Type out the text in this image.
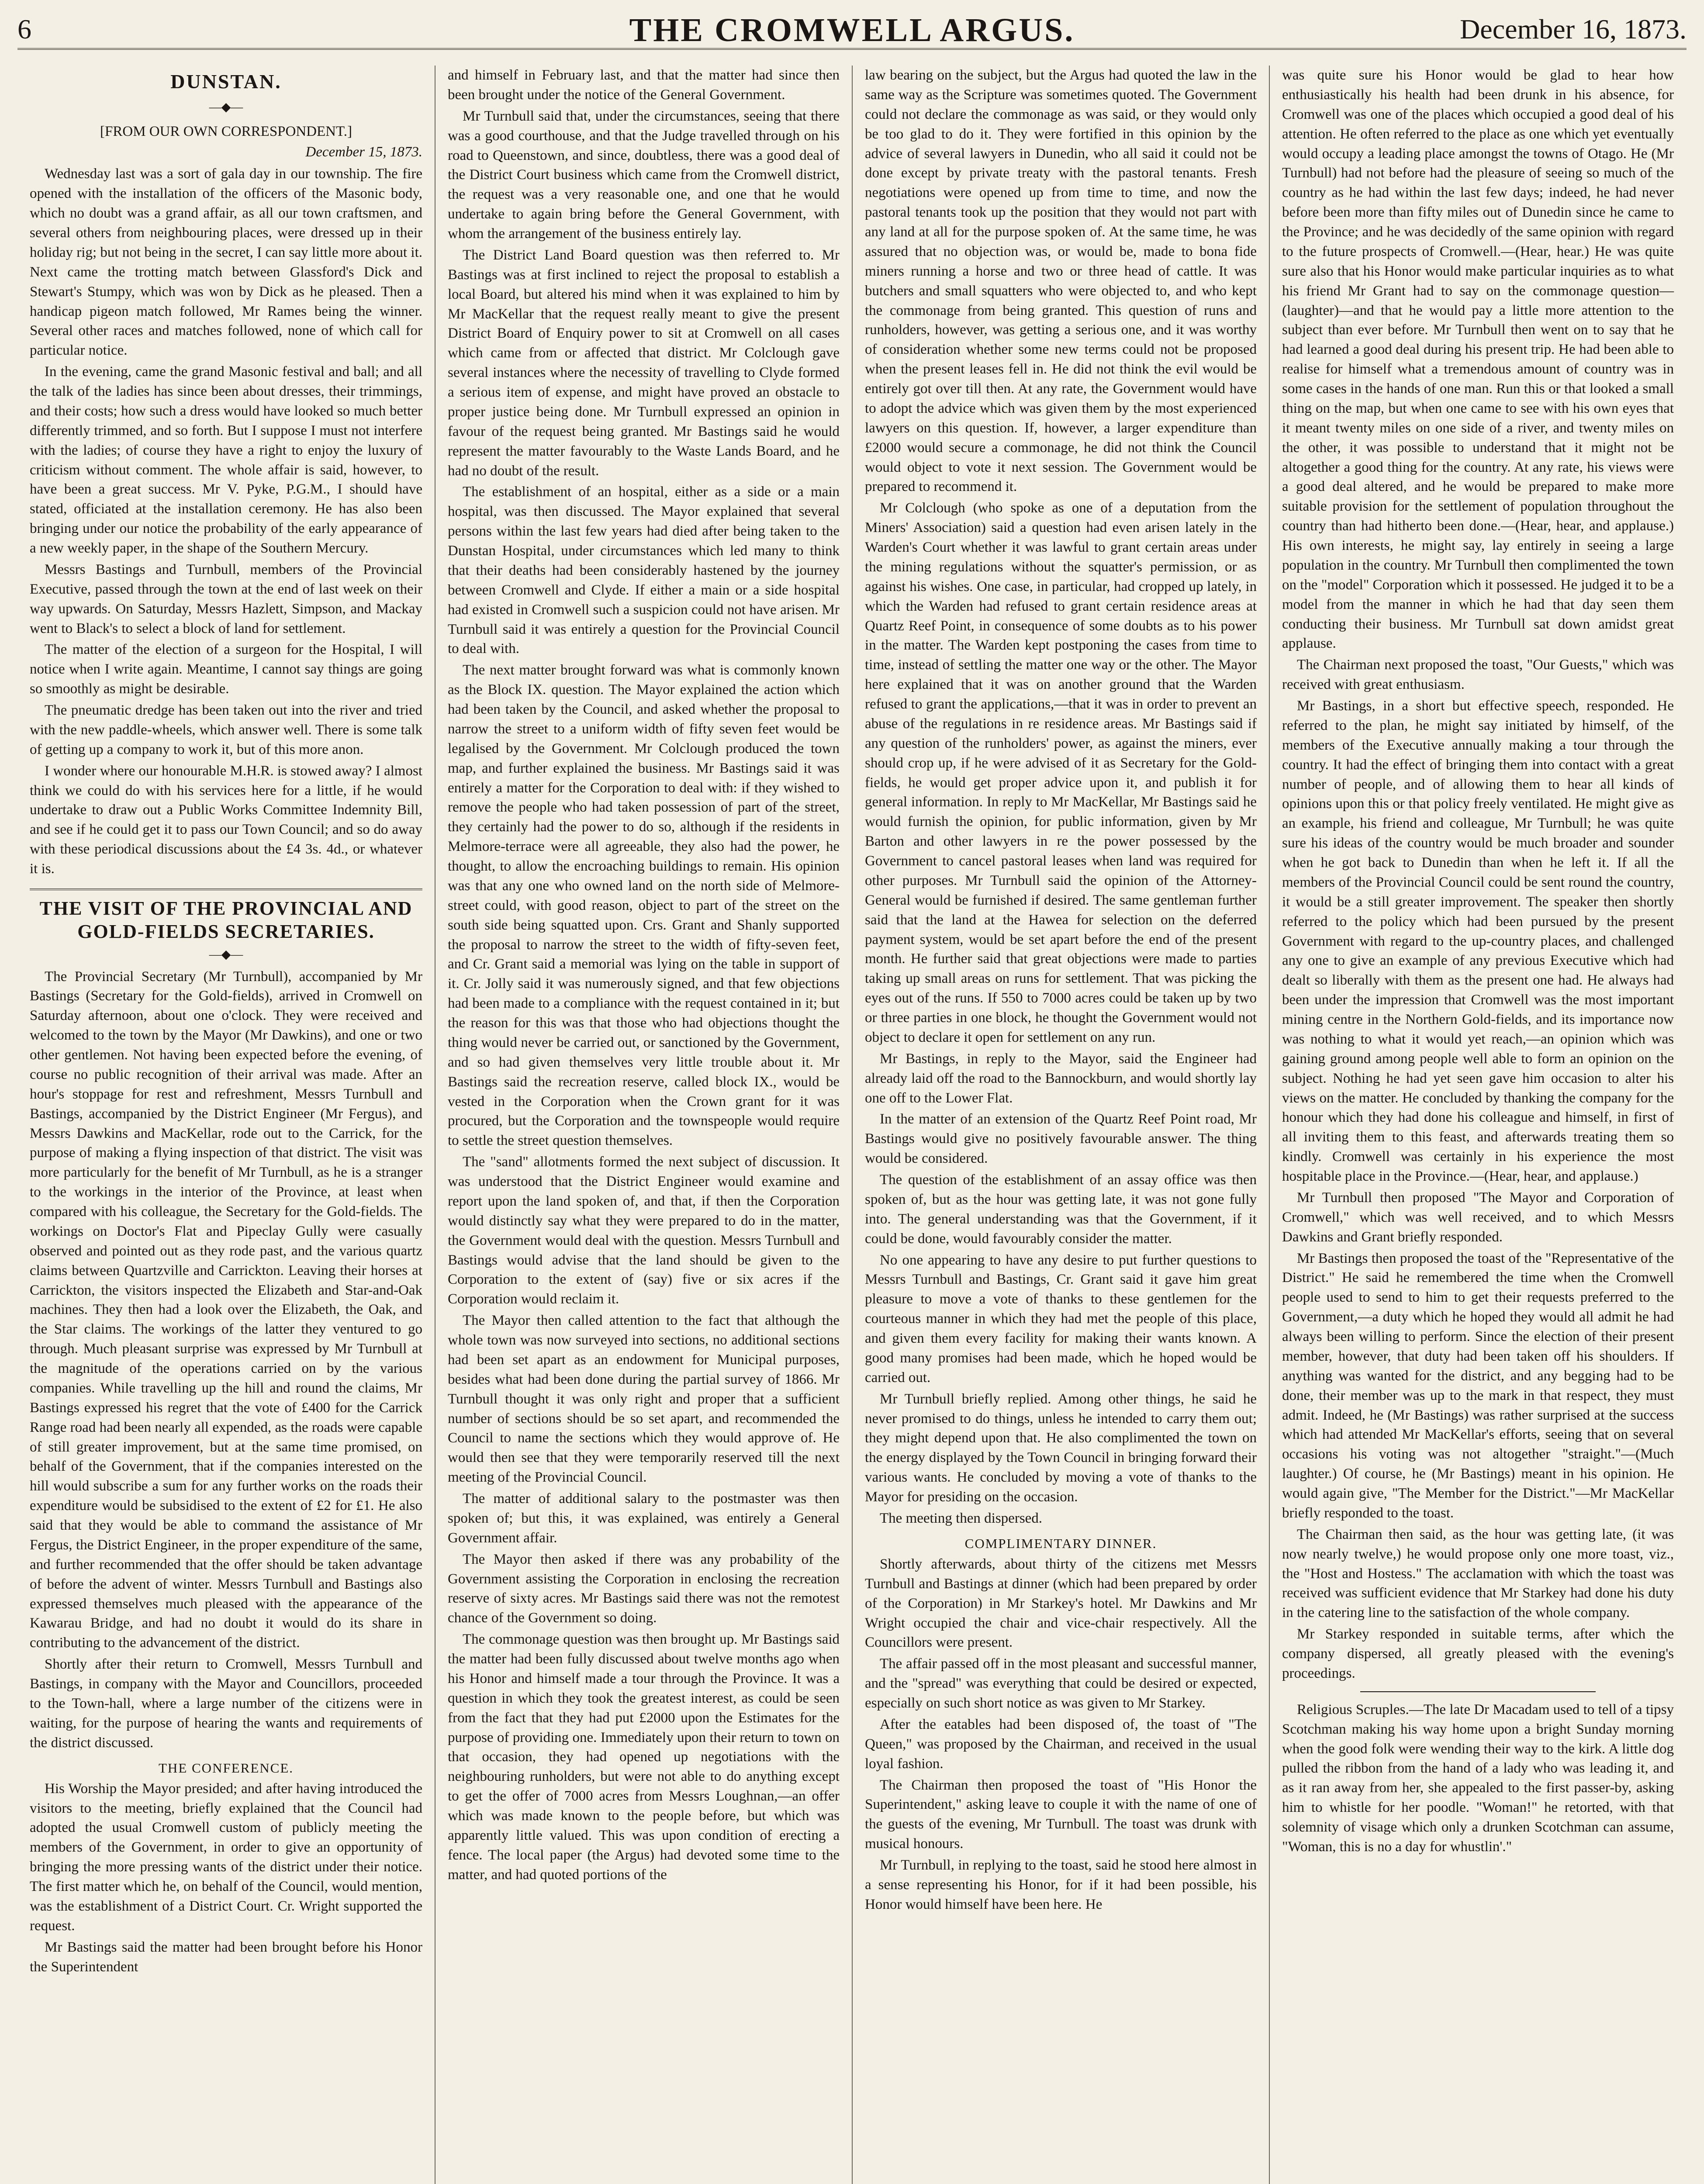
6	THE CROMWELL ARGUS.	December 16, 1873.
DUNSTAN.
—◆—
[FROM OUR OWN CORRESPONDENT.]
December 15, 1873.

Wednesday last was a sort of gala day in our township. The fire opened with the installation of the officers of the Masonic body, which no doubt was a grand affair, as all our town craftsmen, and several others from neighbouring places, were dressed up in their holiday rig; but not being in the secret, I can say little more about it. Next came the trotting match between Glassford's Dick and Stewart's Stumpy, which was won by Dick as he pleased. Then a handicap pigeon match followed, Mr Rames being the winner. Several other races and matches followed, none of which call for particular notice.

In the evening, came the grand Masonic festival and ball; and all the talk of the ladies has since been about dresses, their trimmings, and their costs; how such a dress would have looked so much better differently trimmed, and so forth. But I suppose I must not interfere with the ladies; of course they have a right to enjoy the luxury of criticism without comment. The whole affair is said, however, to have been a great success. Mr V. Pyke, P.G.M., I should have stated, officiated at the installation ceremony. He has also been bringing under our notice the probability of the early appearance of a new weekly paper, in the shape of the Southern Mercury.

Messrs Bastings and Turnbull, members of the Provincial Executive, passed through the town at the end of last week on their way upwards. On Saturday, Messrs Hazlett, Simpson, and Mackay went to Black's to select a block of land for settlement.

The matter of the election of a surgeon for the Hospital, I will notice when I write again. Meantime, I cannot say things are going so smoothly as might be desirable.

The pneumatic dredge has been taken out into the river and tried with the new paddle-wheels, which answer well. There is some talk of getting up a company to work it, but of this more anon.

I wonder where our honourable M.H.R. is stowed away? I almost think we could do with his services here for a little, if he would undertake to draw out a Public Works Committee Indemnity Bill, and see if he could get it to pass our Town Council; and so do away with these periodical discussions about the £4 3s. 4d., or whatever it is.

THE VISIT OF THE PROVINCIAL AND GOLD-FIELDS SECRETARIES.
—◆—

The Provincial Secretary (Mr Turnbull), accompanied by Mr Bastings (Secretary for the Gold-fields), arrived in Cromwell on Saturday afternoon, about one o'clock. They were received and welcomed to the town by the Mayor (Mr Dawkins), and one or two other gentlemen. Not having been expected before the evening, of course no public recognition of their arrival was made. After an hour's stoppage for rest and refreshment, Messrs Turnbull and Bastings, accompanied by the District Engineer (Mr Fergus), and Messrs Dawkins and MacKellar, rode out to the Carrick, for the purpose of making a flying inspection of that district. The visit was more particularly for the benefit of Mr Turnbull, as he is a stranger to the workings in the interior of the Province, at least when compared with his colleague, the Secretary for the Gold-fields. The workings on Doctor's Flat and Pipeclay Gully were casually observed and pointed out as they rode past, and the various quartz claims between Quartzville and Carrickton. Leaving their horses at Carrickton, the visitors inspected the Elizabeth and Star-and-Oak machines. They then had a look over the Elizabeth, the Oak, and the Star claims. The workings of the latter they ventured to go through. Much pleasant surprise was expressed by Mr Turnbull at the magnitude of the operations carried on by the various companies. While travelling up the hill and round the claims, Mr Bastings expressed his regret that the vote of £400 for the Carrick Range road had been nearly all expended, as the roads were capable of still greater improvement, but at the same time promised, on behalf of the Government, that if the companies interested on the hill would subscribe a sum for any further works on the roads their expenditure would be subsidised to the extent of £2 for £1. He also said that they would be able to command the assistance of Mr Fergus, the District Engineer, in the proper expenditure of the same, and further recommended that the offer should be taken advantage of before the advent of winter. Messrs Turnbull and Bastings also expressed themselves much pleased with the appearance of the Kawarau Bridge, and had no doubt it would do its share in contributing to the advancement of the district.

Shortly after their return to Cromwell, Messrs Turnbull and Bastings, in company with the Mayor and Councillors, proceeded to the Town-hall, where a large number of the citizens were in waiting, for the purpose of hearing the wants and requirements of the district discussed.

THE CONFERENCE.

His Worship the Mayor presided; and after having introduced the visitors to the meeting, briefly explained that the Council had adopted the usual Cromwell custom of publicly meeting the members of the Government, in order to give an opportunity of bringing the more pressing wants of the district under their notice. The first matter which he, on behalf of the Council, would mention, was the establishment of a District Court. Cr. Wright supported the request.

Mr Bastings said the matter had been brought before his Honor the Superintendent

and himself in February last, and that the matter had since then been brought under the notice of the General Government.

Mr Turnbull said that, under the circumstances, seeing that there was a good courthouse, and that the Judge travelled through on his road to Queenstown, and since, doubtless, there was a good deal of the District Court business which came from the Cromwell district, the request was a very reasonable one, and one that he would undertake to again bring before the General Government, with whom the arrangement of the business entirely lay.

The District Land Board question was then referred to. Mr Bastings was at first inclined to reject the proposal to establish a local Board, but altered his mind when it was explained to him by Mr MacKellar that the request really meant to give the present District Board of Enquiry power to sit at Cromwell on all cases which came from or affected that district. Mr Colclough gave several instances where the necessity of travelling to Clyde formed a serious item of expense, and might have proved an obstacle to proper justice being done. Mr Turnbull expressed an opinion in favour of the request being granted. Mr Bastings said he would represent the matter favourably to the Waste Lands Board, and he had no doubt of the result.

The establishment of an hospital, either as a side or a main hospital, was then discussed. The Mayor explained that several persons within the last few years had died after being taken to the Dunstan Hospital, under circumstances which led many to think that their deaths had been considerably hastened by the journey between Cromwell and Clyde. If either a main or a side hospital had existed in Cromwell such a suspicion could not have arisen. Mr Turnbull said it was entirely a question for the Provincial Council to deal with.

The next matter brought forward was what is commonly known as the Block IX. question. The Mayor explained the action which had been taken by the Council, and asked whether the proposal to narrow the street to a uniform width of fifty seven feet would be legalised by the Government. Mr Colclough produced the town map, and further explained the business. Mr Bastings said it was entirely a matter for the Corporation to deal with: if they wished to remove the people who had taken possession of part of the street, they certainly had the power to do so, although if the residents in Melmore-terrace were all agreeable, they also had the power, he thought, to allow the encroaching buildings to remain. His opinion was that any one who owned land on the north side of Melmore-street could, with good reason, object to part of the street on the south side being squatted upon. Crs. Grant and Shanly supported the proposal to narrow the street to the width of fifty-seven feet, and Cr. Grant said a memorial was lying on the table in support of it. Cr. Jolly said it was numerously signed, and that few objections had been made to a compliance with the request contained in it; but the reason for this was that those who had objections thought the thing would never be carried out, or sanctioned by the Government, and so had given themselves very little trouble about it. Mr Bastings said the recreation reserve, called block IX., would be vested in the Corporation when the Crown grant for it was procured, but the Corporation and the townspeople would require to settle the street question themselves.

The "sand" allotments formed the next subject of discussion. It was understood that the District Engineer would examine and report upon the land spoken of, and that, if then the Corporation would distinctly say what they were prepared to do in the matter, the Government would deal with the question. Messrs Turnbull and Bastings would advise that the land should be given to the Corporation to the extent of (say) five or six acres if the Corporation would reclaim it.

The Mayor then called attention to the fact that although the whole town was now surveyed into sections, no additional sections had been set apart as an endowment for Municipal purposes, besides what had been done during the partial survey of 1866. Mr Turnbull thought it was only right and proper that a sufficient number of sections should be so set apart, and recommended the Council to name the sections which they would approve of. He would then see that they were temporarily reserved till the next meeting of the Provincial Council.

The matter of additional salary to the postmaster was then spoken of; but this, it was explained, was entirely a General Government affair.

The Mayor then asked if there was any probability of the Government assisting the Corporation in enclosing the recreation reserve of sixty acres. Mr Bastings said there was not the remotest chance of the Government so doing.

The commonage question was then brought up. Mr Bastings said the matter had been fully discussed about twelve months ago when his Honor and himself made a tour through the Province. It was a question in which they took the greatest interest, as could be seen from the fact that they had put £2000 upon the Estimates for the purpose of providing one. Immediately upon their return to town on that occasion, they had opened up negotiations with the neighbouring runholders, but were not able to do anything except to get the offer of 7000 acres from Messrs Loughnan,—an offer which was made known to the people before, but which was apparently little valued. This was upon condition of erecting a fence. The local paper (the Argus) had devoted some time to the matter, and had quoted portions of the

law bearing on the subject, but the Argus had quoted the law in the same way as the Scripture was sometimes quoted. The Government could not declare the commonage as was said, or they would only be too glad to do it. They were fortified in this opinion by the advice of several lawyers in Dunedin, who all said it could not be done except by private treaty with the pastoral tenants. Fresh negotiations were opened up from time to time, and now the pastoral tenants took up the position that they would not part with any land at all for the purpose spoken of. At the same time, he was assured that no objection was, or would be, made to bona fide miners running a horse and two or three head of cattle. It was butchers and small squatters who were objected to, and who kept the commonage from being granted. This question of runs and runholders, however, was getting a serious one, and it was worthy of consideration whether some new terms could not be proposed when the present leases fell in. He did not think the evil would be entirely got over till then. At any rate, the Government would have to adopt the advice which was given them by the most experienced lawyers on this question. If, however, a larger expenditure than £2000 would secure a commonage, he did not think the Council would object to vote it next session. The Government would be prepared to recommend it.

Mr Colclough (who spoke as one of a deputation from the Miners' Association) said a question had even arisen lately in the Warden's Court whether it was lawful to grant certain areas under the mining regulations without the squatter's permission, or as against his wishes. One case, in particular, had cropped up lately, in which the Warden had refused to grant certain residence areas at Quartz Reef Point, in consequence of some doubts as to his power in the matter. The Warden kept postponing the cases from time to time, instead of settling the matter one way or the other. The Mayor here explained that it was on another ground that the Warden refused to grant the applications,—that it was in order to prevent an abuse of the regulations in re residence areas. Mr Bastings said if any question of the runholders' power, as against the miners, ever should crop up, if he were advised of it as Secretary for the Gold-fields, he would get proper advice upon it, and publish it for general information. In reply to Mr MacKellar, Mr Bastings said he would furnish the opinion, for public information, given by Mr Barton and other lawyers in re the power possessed by the Government to cancel pastoral leases when land was required for other purposes. Mr Turnbull said the opinion of the Attorney-General would be furnished if desired. The same gentleman further said that the land at the Hawea for selection on the deferred payment system, would be set apart before the end of the present month. He further said that great objections were made to parties taking up small areas on runs for settlement. That was picking the eyes out of the runs. If 550 to 7000 acres could be taken up by two or three parties in one block, he thought the Government would not object to declare it open for settlement on any run.

Mr Bastings, in reply to the Mayor, said the Engineer had already laid off the road to the Bannockburn, and would shortly lay one off to the Lower Flat.

In the matter of an extension of the Quartz Reef Point road, Mr Bastings would give no positively favourable answer. The thing would be considered.

The question of the establishment of an assay office was then spoken of, but as the hour was getting late, it was not gone fully into. The general understanding was that the Government, if it could be done, would favourably consider the matter.

No one appearing to have any desire to put further questions to Messrs Turnbull and Bastings, Cr. Grant said it gave him great pleasure to move a vote of thanks to these gentlemen for the courteous manner in which they had met the people of this place, and given them every facility for making their wants known. A good many promises had been made, which he hoped would be carried out.

Mr Turnbull briefly replied. Among other things, he said he never promised to do things, unless he intended to carry them out; they might depend upon that. He also complimented the town on the energy displayed by the Town Council in bringing forward their various wants. He concluded by moving a vote of thanks to the Mayor for presiding on the occasion.

The meeting then dispersed.

COMPLIMENTARY DINNER.

Shortly afterwards, about thirty of the citizens met Messrs Turnbull and Bastings at dinner (which had been prepared by order of the Corporation) in Mr Starkey's hotel. Mr Dawkins and Mr Wright occupied the chair and vice-chair respectively. All the Councillors were present.

The affair passed off in the most pleasant and successful manner, and the "spread" was everything that could be desired or expected, especially on such short notice as was given to Mr Starkey.

After the eatables had been disposed of, the toast of "The Queen," was proposed by the Chairman, and received in the usual loyal fashion.

The Chairman then proposed the toast of "His Honor the Superintendent," asking leave to couple it with the name of one of the guests of the evening, Mr Turnbull. The toast was drunk with musical honours.

Mr Turnbull, in replying to the toast, said he stood here almost in a sense representing his Honor, for if it had been possible, his Honor would himself have been here. He

was quite sure his Honor would be glad to hear how enthusiastically his health had been drunk in his absence, for Cromwell was one of the places which occupied a good deal of his attention. He often referred to the place as one which yet eventually would occupy a leading place amongst the towns of Otago. He (Mr Turnbull) had not before had the pleasure of seeing so much of the country as he had within the last few days; indeed, he had never before been more than fifty miles out of Dunedin since he came to the Province; and he was decidedly of the same opinion with regard to the future prospects of Cromwell.—(Hear, hear.) He was quite sure also that his Honor would make particular inquiries as to what his friend Mr Grant had to say on the commonage question—(laughter)—and that he would pay a little more attention to the subject than ever before. Mr Turnbull then went on to say that he had learned a good deal during his present trip. He had been able to realise for himself what a tremendous amount of country was in some cases in the hands of one man. Run this or that looked a small thing on the map, but when one came to see with his own eyes that it meant twenty miles on one side of a river, and twenty miles on the other, it was possible to understand that it might not be altogether a good thing for the country. At any rate, his views were a good deal altered, and he would be prepared to make more suitable provision for the settlement of population throughout the country than had hitherto been done.—(Hear, hear, and applause.) His own interests, he might say, lay entirely in seeing a large population in the country. Mr Turnbull then complimented the town on the "model" Corporation which it possessed. He judged it to be a model from the manner in which he had that day seen them conducting their business. Mr Turnbull sat down amidst great applause.

The Chairman next proposed the toast, "Our Guests," which was received with great enthusiasm.

Mr Bastings, in a short but effective speech, responded. He referred to the plan, he might say initiated by himself, of the members of the Executive annually making a tour through the country. It had the effect of bringing them into contact with a great number of people, and of allowing them to hear all kinds of opinions upon this or that policy freely ventilated. He might give as an example, his friend and colleague, Mr Turnbull; he was quite sure his ideas of the country would be much broader and sounder when he got back to Dunedin than when he left it. If all the members of the Provincial Council could be sent round the country, it would be a still greater improvement. The speaker then shortly referred to the policy which had been pursued by the present Government with regard to the up-country places, and challenged any one to give an example of any previous Executive which had dealt so liberally with them as the present one had. He always had been under the impression that Cromwell was the most important mining centre in the Northern Gold-fields, and its importance now was nothing to what it would yet reach,—an opinion which was gaining ground among people well able to form an opinion on the subject. Nothing he had yet seen gave him occasion to alter his views on the matter. He concluded by thanking the company for the honour which they had done his colleague and himself, in first of all inviting them to this feast, and afterwards treating them so kindly. Cromwell was certainly in his experience the most hospitable place in the Province.—(Hear, hear, and applause.)

Mr Turnbull then proposed "The Mayor and Corporation of Cromwell," which was well received, and to which Messrs Dawkins and Grant briefly responded.

Mr Bastings then proposed the toast of the "Representative of the District." He said he remembered the time when the Cromwell people used to send to him to get their requests preferred to the Government,—a duty which he hoped they would all admit he had always been willing to perform. Since the election of their present member, however, that duty had been taken off his shoulders. If anything was wanted for the district, and any begging had to be done, their member was up to the mark in that respect, they must admit. Indeed, he (Mr Bastings) was rather surprised at the success which had attended Mr MacKellar's efforts, seeing that on several occasions his voting was not altogether "straight."—(Much laughter.) Of course, he (Mr Bastings) meant in his opinion. He would again give, "The Member for the District."—Mr MacKellar briefly responded to the toast.

The Chairman then said, as the hour was getting late, (it was now nearly twelve,) he would propose only one more toast, viz., the "Host and Hostess." The acclamation with which the toast was received was sufficient evidence that Mr Starkey had done his duty in the catering line to the satisfaction of the whole company.

Mr Starkey responded in suitable terms, after which the company dispersed, all greatly pleased with the evening's proceedings.

Religious Scruples.—The late Dr Macadam used to tell of a tipsy Scotchman making his way home upon a bright Sunday morning when the good folk were wending their way to the kirk. A little dog pulled the ribbon from the hand of a lady who was leading it, and as it ran away from her, she appealed to the first passer-by, asking him to whistle for her poodle. "Woman!" he retorted, with that solemnity of visage which only a drunken Scotchman can assume, "Woman, this is no a day for whustlin'."
